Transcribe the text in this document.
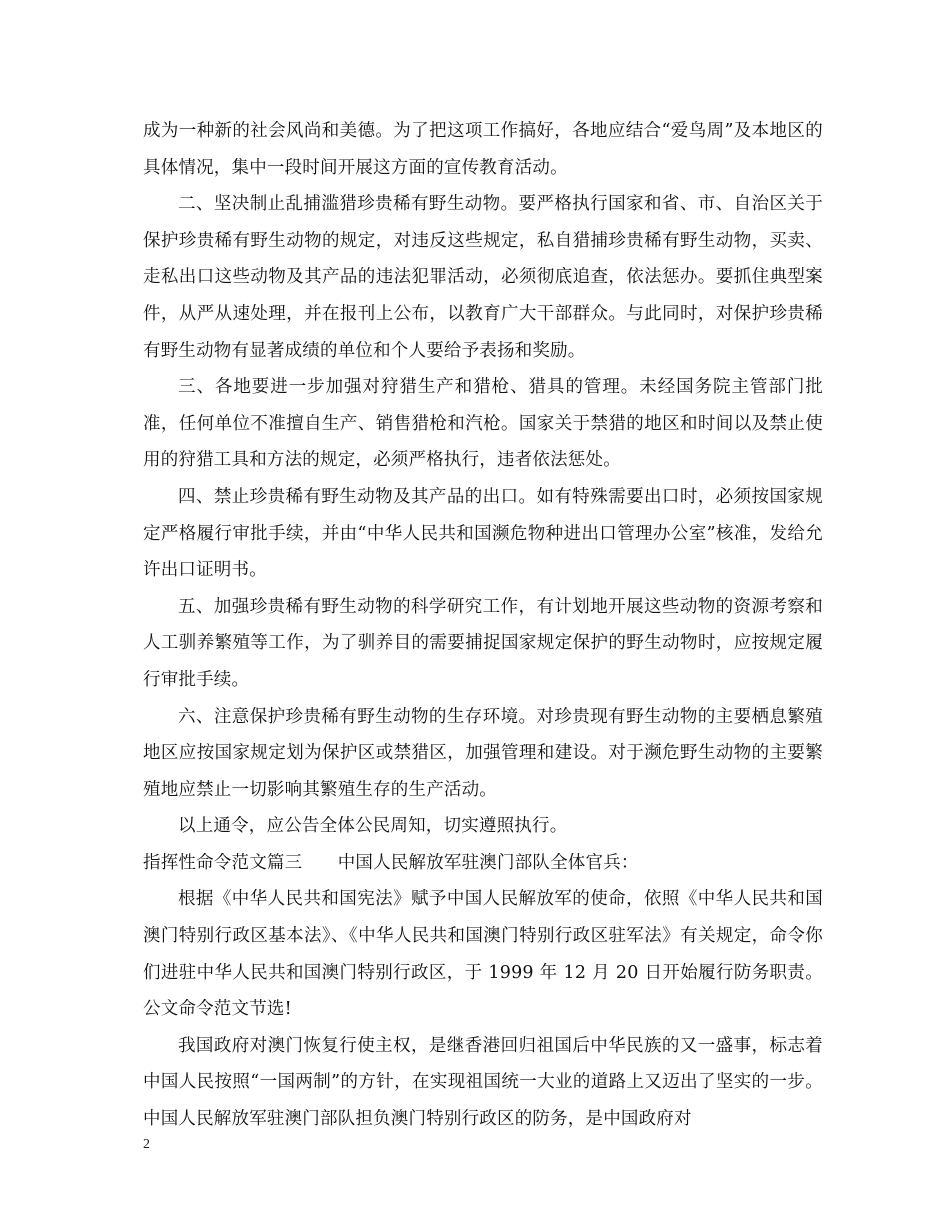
成为一种新的社会风尚和美德。为了把这项工作搞好，各地应结合“爱鸟周”及本地区的具体情况，集中一段时间开展这方面的宣传教育活动。

二、坚决制止乱捕滥猎珍贵稀有野生动物。要严格执行国家和省、市、自治区关于保护珍贵稀有野生动物的规定，对违反这些规定，私自猎捕珍贵稀有野生动物，买卖、走私出口这些动物及其产品的违法犯罪活动，必须彻底追查，依法惩办。要抓住典型案件，从严从速处理，并在报刊上公布，以教育广大干部群众。与此同时，对保护珍贵稀有野生动物有显著成绩的单位和个人要给予表扬和奖励。

三、各地要进一步加强对狩猎生产和猎枪、猎具的管理。未经国务院主管部门批准，任何单位不准擅自生产、销售猎枪和汽枪。国家关于禁猎的地区和时间以及禁止使用的狩猎工具和方法的规定，必须严格执行，违者依法惩处。

四、禁止珍贵稀有野生动物及其产品的出口。如有特殊需要出口时，必须按国家规定严格履行审批手续，并由“中华人民共和国濒危物种进出口管理办公室”核准，发给允许出口证明书。

五、加强珍贵稀有野生动物的科学研究工作，有计划地开展这些动物的资源考察和人工驯养繁殖等工作，为了驯养目的需要捕捉国家规定保护的野生动物时，应按规定履行审批手续。

六、注意保护珍贵稀有野生动物的生存环境。对珍贵现有野生动物的主要栖息繁殖地区应按国家规定划为保护区或禁猎区，加强管理和建设。对于濒危野生动物的主要繁殖地应禁止一切影响其繁殖生存的生产活动。

以上通令，应公告全体公民周知，切实遵照执行。

指挥性命令范文篇三　　中国人民解放军驻澳门部队全体官兵：

根据《中华人民共和国宪法》赋予中国人民解放军的使命，依照《中华人民共和国澳门特别行政区基本法》、《中华人民共和国澳门特别行政区驻军法》有关规定，命令你们进驻中华人民共和国澳门特别行政区，于 1999 年 12 月 20 日开始履行防务职责。公文命令范文节选!

我国政府对澳门恢复行使主权，是继香港回归祖国后中华民族的又一盛事，标志着中国人民按照“一国两制”的方针，在实现祖国统一大业的道路上又迈出了坚实的一步。中国人民解放军驻澳门部队担负澳门特别行政区的防务，是中国政府对

2
